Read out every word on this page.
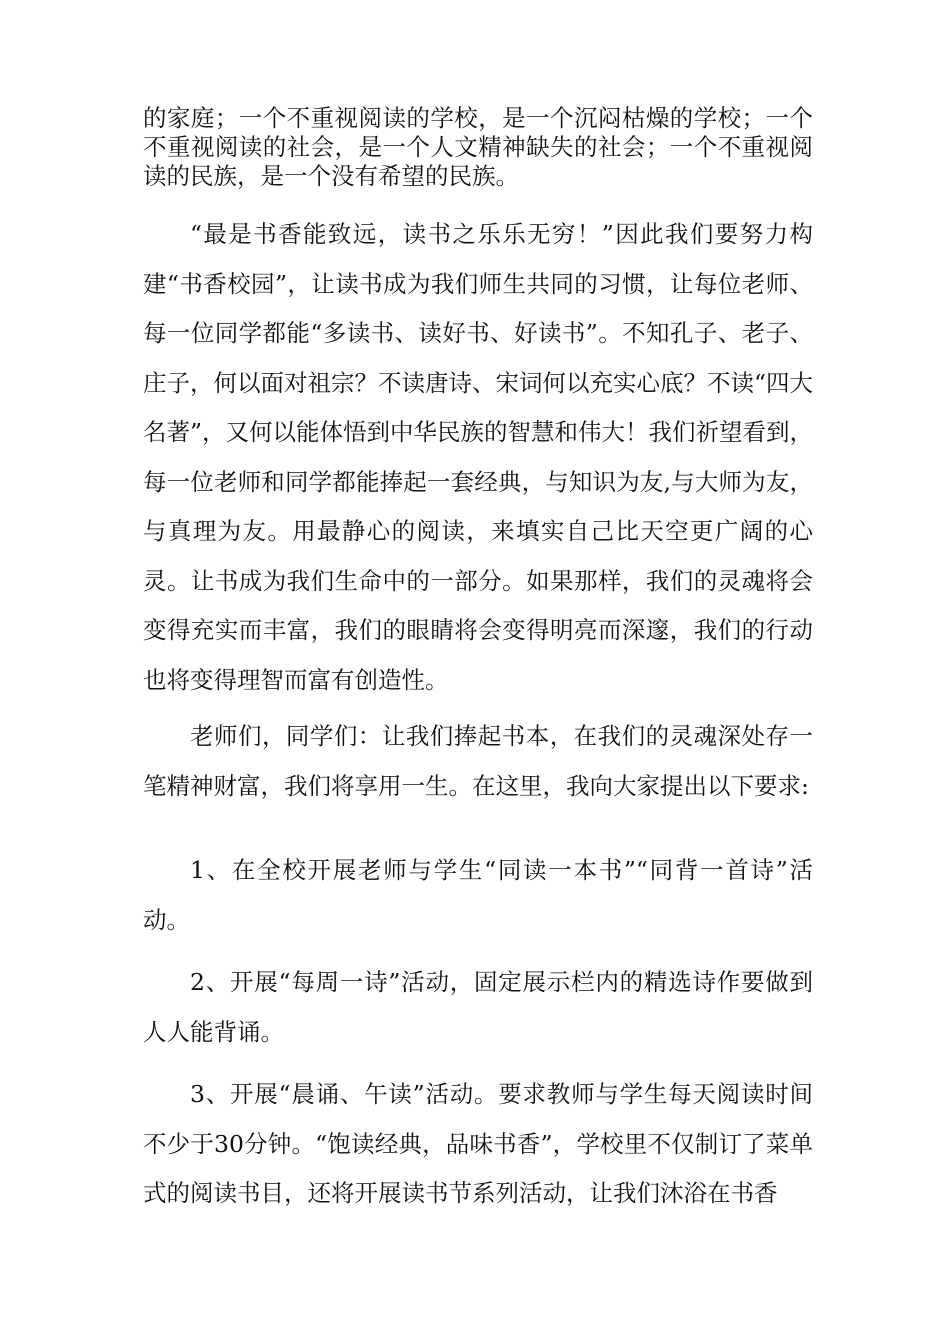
的家庭；一个不重视阅读的学校，是一个沉闷枯燥的学校；一个不重视阅读的社会，是一个人文精神缺失的社会；一个不重视阅读的民族，是一个没有希望的民族。

“最是书香能致远，读书之乐乐无穷！”因此我们要努力构建“书香校园”，让读书成为我们师生共同的习惯，让每位老师、每一位同学都能“多读书、读好书、好读书”。不知孔子、老子、庄子，何以面对祖宗？不读唐诗、宋词何以充实心底？不读“四大名著”，又何以能体悟到中华民族的智慧和伟大！我们祈望看到，每一位老师和同学都能捧起一套经典，与知识为友,与大师为友，与真理为友。用最静心的阅读，来填实自己比天空更广阔的心灵。让书成为我们生命中的一部分。如果那样，我们的灵魂将会变得充实而丰富，我们的眼睛将会变得明亮而深邃，我们的行动也将变得理智而富有创造性。

老师们，同学们：让我们捧起书本，在我们的灵魂深处存一笔精神财富，我们将享用一生。在这里，我向大家提出以下要求:

1、在全校开展老师与学生“同读一本书”“同背一首诗”活动。

2、开展“每周一诗”活动，固定展示栏内的精选诗作要做到人人能背诵。

3、开展“晨诵、午读”活动。要求教师与学生每天阅读时间不少于30分钟。“饱读经典，品味书香”，学校里不仅制订了菜单式的阅读书目，还将开展读书节系列活动，让我们沐浴在书香
